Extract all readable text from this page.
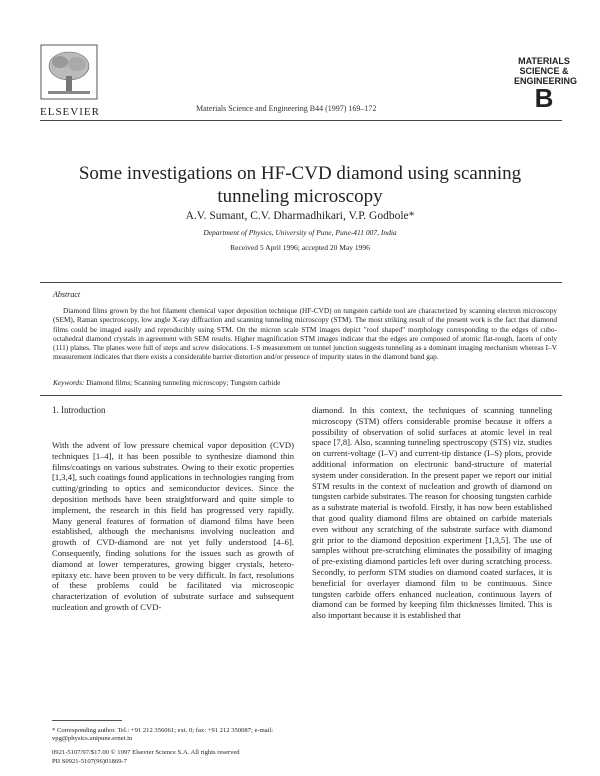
ELSEVIER	Materials Science and Engineering B44 (1997) 169–172
MATERIALS
SCIENCE &
ENGINEERING
B
Some investigations on HF-CVD diamond using scanning tunneling microscopy
A.V. Sumant, C.V. Dharmadhikari, V.P. Godbole*
Department of Physics, University of Pune, Pune-411 007, India
Received 5 April 1996; accepted 20 May 1996
Abstract
Diamond films grown by the hot filament chemical vapor deposition technique (HF-CVD) on tungsten carbide tool are characterized by scanning electron microscopy (SEM), Raman spectroscopy, low angle X-ray diffraction and scanning tunneling microscopy (STM). The most striking result of the present work is the fact that diamond films could be imaged easily and reproducibly using STM. On the micron scale STM images depict "roof shaped" morphology corresponding to the edges of cubo-octahedral diamond crystals in agreement with SEM results. Higher magnification STM images indicate that the edges are composed of atomic flat-rough, facets of only (111) planes. The planes were full of steps and screw dislocations. I–S measurement on tunnel junction suggests tunneling as a dominant imaging mechanism whereas I–V measurement indicates that there exists a considerable barrier distortion and/or presence of impurity states in the diamond band gap.
Keywords: Diamond films; Scanning tunneling microscopy; Tungsten carbide
1. Introduction
With the advent of low pressure chemical vapor deposition (CVD) techniques [1–4], it has been possible to synthesize diamond thin films/coatings on various substrates. Owing to their exotic properties [1,3,4], such coatings found applications in technologies ranging from cutting/grinding to optics and semiconductor devices. Since the deposition methods have been straightforward and quite simple to implement, the research in this field has progressed very rapidly. Many general features of formation of diamond films have been established, although the mechanisms involving nucleation and growth of CVD-diamond are not yet fully understood [4–6]. Consequently, finding solutions for the issues such as growth of diamond at lower temperatures, growing bigger crystals, hetero-epitaxy etc. have been proven to be very difficult. In fact, resolutions of these problems could be facilitated via microscopic characterization of evolution of substrate surface and subsequent nucleation and growth of CVD-
diamond. In this context, the techniques of scanning tunneling microscopy (STM) offers considerable promise because it offers a possibility of observation of solid surfaces at atomic level in real space [7,8]. Also, scanning tunneling spectroscopy (STS) viz. studies on current-voltage (I–V) and current-tip distance (I–S) plots, provide additional information on electronic band-structure of material system under consideration. In the present paper we report our initial STM results in the context of nucleation and growth of diamond on tungsten carbide substrates. The reason for choosing tungsten carbide as a substrate material is twofold. Firstly, it has now been established that good quality diamond films are obtained on carbide materials even without any scratching of the substrate surface with diamond grit prior to the diamond deposition experiment [1,3,5]. The use of samples without pre-scratching eliminates the possibility of imaging of pre-existing diamond particles left over during scratching process. Secondly, to perform STM studies on diamond coated surfaces, it is beneficial for overlayer diamond film to be continuous. Since tungsten carbide offers enhanced nucleation, continuous layers of diamond can be formed by keeping film thicknesses limited. This is also important because it is established that
* Corresponding author. Tel.: +91 212 356061; ext. 0; fax: +91 212 350087; e-mail: vpg@physics.unipune.ernet.in
0921-5107/97/$17.00 © 1997 Elsevier Science S.A. All rights reserved
PII S0921-5107(96)01869-7
